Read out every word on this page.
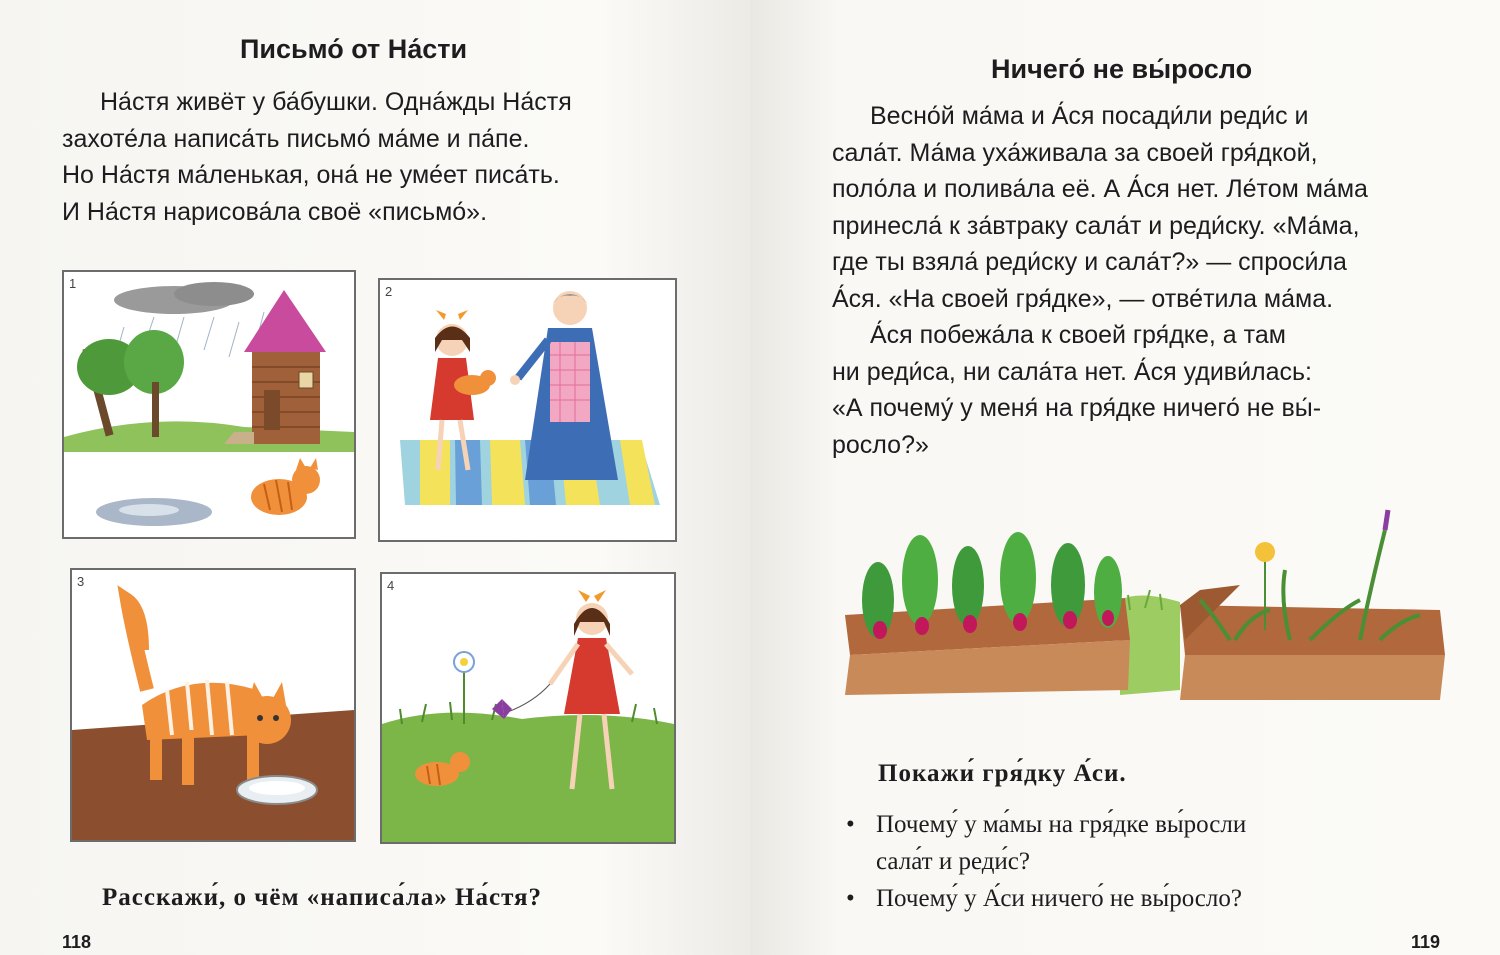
Письмо́ от На́сти

На́стя живёт у ба́бушки. Однáжды На́стя

захоте́ла написа́ть письмо́ ма́ме и па́пе.

Но На́стя ма́ленькая, она́ не уме́ет писа́ть.

И На́стя нарисова́ла своё «письмо́».

1
2
3	4
Расскажи́, о чём «написа́ла» На́стя?
118
Ничего́ не вы́росло

Весно́й ма́ма и А́ся посади́ли реди́с и

сала́т. Ма́ма уха́живала за своей гря́дкой,

поло́ла и полива́ла её. А А́ся нет. Ле́том ма́ма

принесла́ к за́втраку сала́т и реди́ску. «Ма́ма,

где ты взяла́ реди́ску и сала́т?» — спроси́ла

А́ся. «На своей гря́дке», — отве́тила ма́ма.

А́ся побежа́ла к своей гря́дке, а там

ни реди́са, ни сала́та нет. А́ся удиви́лась:

«А почему́ у меня́ на гря́дке ничего́ не вы́-

росло?»

Покажи́ гря́дку А́си.
• Почему́ у ма́мы на гря́дке вы́росли
сала́т и реди́с?
• Почему́ у А́си ничего́ не вы́росло?
119
